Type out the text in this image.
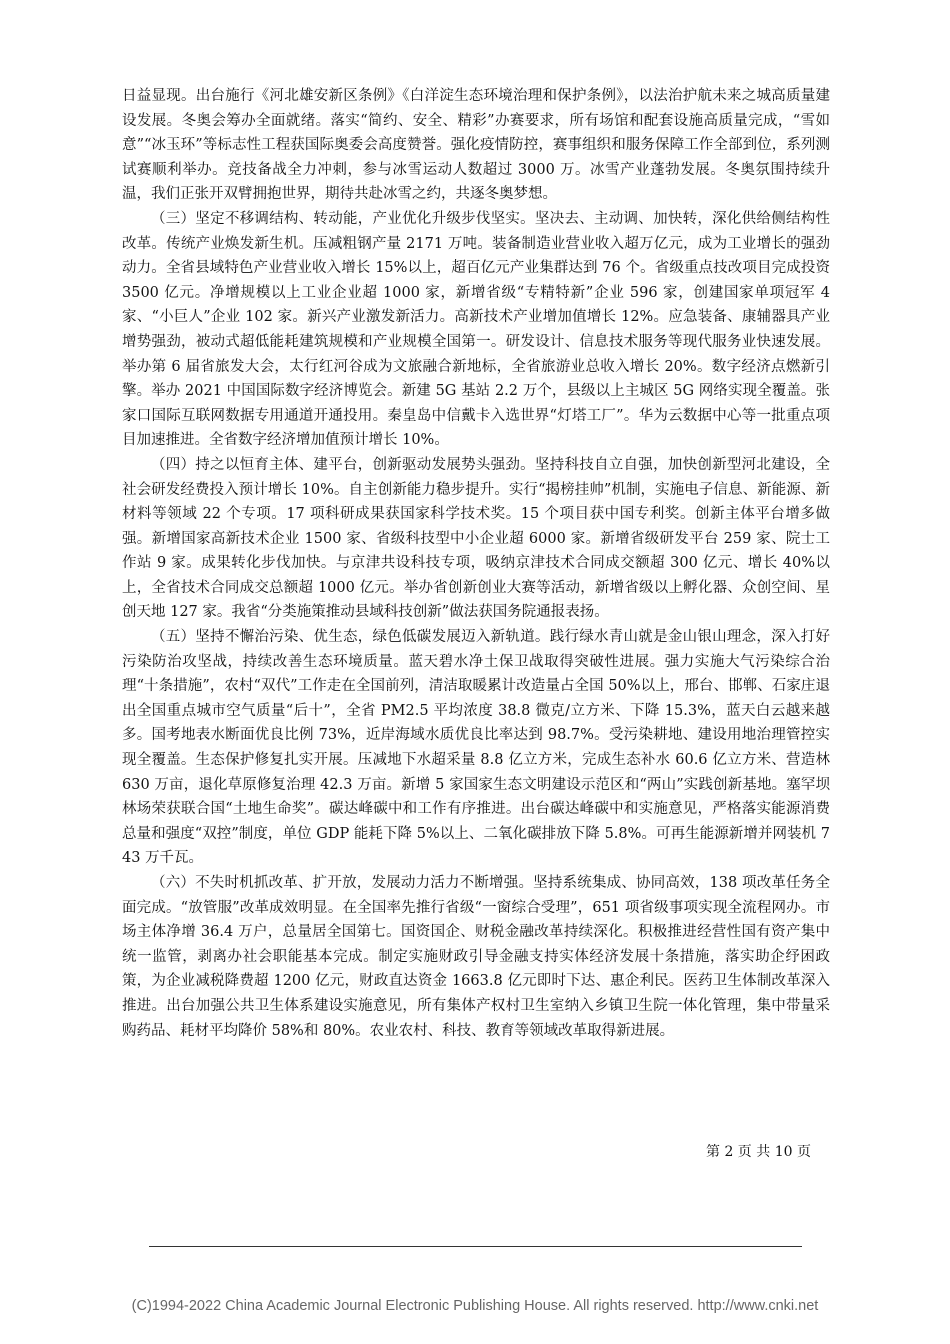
日益显现。出台施行《河北雄安新区条例》《白洋淀生态环境治理和保护条例》，以法治护航未来之城高质量建设发展。冬奥会筹办全面就绪。落实“简约、安全、精彩”办赛要求，所有场馆和配套设施高质量完成，“雪如意”“冰玉环”等标志性工程获国际奥委会高度赞誉。强化疫情防控，赛事组织和服务保障工作全部到位，系列测试赛顺利举办。竞技备战全力冲刺，参与冰雪运动人数超过 3000 万。冰雪产业蓬勃发展。冬奥氛围持续升温，我们正张开双臂拥抱世界，期待共赴冰雪之约，共逐冬奥梦想。

（三）坚定不移调结构、转动能，产业优化升级步伐坚实。坚决去、主动调、加快转，深化供给侧结构性改革。传统产业焕发新生机。压减粗钢产量 2171 万吨。装备制造业营业收入超万亿元，成为工业增长的强劲动力。全省县域特色产业营业收入增长 15%以上，超百亿元产业集群达到 76 个。省级重点技改项目完成投资 3500 亿元。净增规模以上工业企业超 1000 家，新增省级“专精特新”企业 596 家，创建国家单项冠军 4 家、“小巨人”企业 102 家。新兴产业激发新活力。高新技术产业增加值增长 12%。应急装备、康辅器具产业增势强劲，被动式超低能耗建筑规模和产业规模全国第一。研发设计、信息技术服务等现代服务业快速发展。举办第 6 届省旅发大会，太行红河谷成为文旅融合新地标，全省旅游业总收入增长 20%。数字经济点燃新引擎。举办 2021 中国国际数字经济博览会。新建 5G 基站 2.2 万个，县级以上主城区 5G 网络实现全覆盖。张家口国际互联网数据专用通道开通投用。秦皇岛中信戴卡入选世界“灯塔工厂”。华为云数据中心等一批重点项目加速推进。全省数字经济增加值预计增长 10%。

（四）持之以恒育主体、建平台，创新驱动发展势头强劲。坚持科技自立自强，加快创新型河北建设，全社会研发经费投入预计增长 10%。自主创新能力稳步提升。实行“揭榜挂帅”机制，实施电子信息、新能源、新材料等领域 22 个专项。17 项科研成果获国家科学技术奖。15 个项目获中国专利奖。创新主体平台增多做强。新增国家高新技术企业 1500 家、省级科技型中小企业超 6000 家。新增省级研发平台 259 家、院士工作站 9 家。成果转化步伐加快。与京津共设科技专项，吸纳京津技术合同成交额超 300 亿元、增长 40%以上，全省技术合同成交总额超 1000 亿元。举办省创新创业大赛等活动，新增省级以上孵化器、众创空间、星创天地 127 家。我省“分类施策推动县域科技创新”做法获国务院通报表扬。

（五）坚持不懈治污染、优生态，绿色低碳发展迈入新轨道。践行绿水青山就是金山银山理念，深入打好污染防治攻坚战，持续改善生态环境质量。蓝天碧水净土保卫战取得突破性进展。强力实施大气污染综合治理“十条措施”，农村“双代”工作走在全国前列，清洁取暖累计改造量占全国 50%以上，邢台、邯郸、石家庄退出全国重点城市空气质量“后十”，全省 PM2.5 平均浓度 38.8 微克/立方米、下降 15.3%，蓝天白云越来越多。国考地表水断面优良比例 73%，近岸海域水质优良比率达到 98.7%。受污染耕地、建设用地治理管控实现全覆盖。生态保护修复扎实开展。压减地下水超采量 8.8 亿立方米，完成生态补水 60.6 亿立方米、营造林 630 万亩，退化草原修复治理 42.3 万亩。新增 5 家国家生态文明建设示范区和“两山”实践创新基地。塞罕坝林场荣获联合国“土地生命奖”。碳达峰碳中和工作有序推进。出台碳达峰碳中和实施意见，严格落实能源消费总量和强度“双控”制度，单位 GDP 能耗下降 5%以上、二氧化碳排放下降 5.8%。可再生能源新增并网装机 743 万千瓦。

（六）不失时机抓改革、扩开放，发展动力活力不断增强。坚持系统集成、协同高效，138 项改革任务全面完成。“放管服”改革成效明显。在全国率先推行省级“一窗综合受理”，651 项省级事项实现全流程网办。市场主体净增 36.4 万户，总量居全国第七。国资国企、财税金融改革持续深化。积极推进经营性国有资产集中统一监管，剥离办社会职能基本完成。制定实施财政引导金融支持实体经济发展十条措施，落实助企纾困政策，为企业减税降费超 1200 亿元，财政直达资金 1663.8 亿元即时下达、惠企利民。医药卫生体制改革深入推进。出台加强公共卫生体系建设实施意见，所有集体产权村卫生室纳入乡镇卫生院一体化管理，集中带量采购药品、耗材平均降价 58%和 80%。农业农村、科技、教育等领域改革取得新进展。

第 2 页 共 10 页
(C)1994-2022 China Academic Journal Electronic Publishing House. All rights reserved. http://www.cnki.net
